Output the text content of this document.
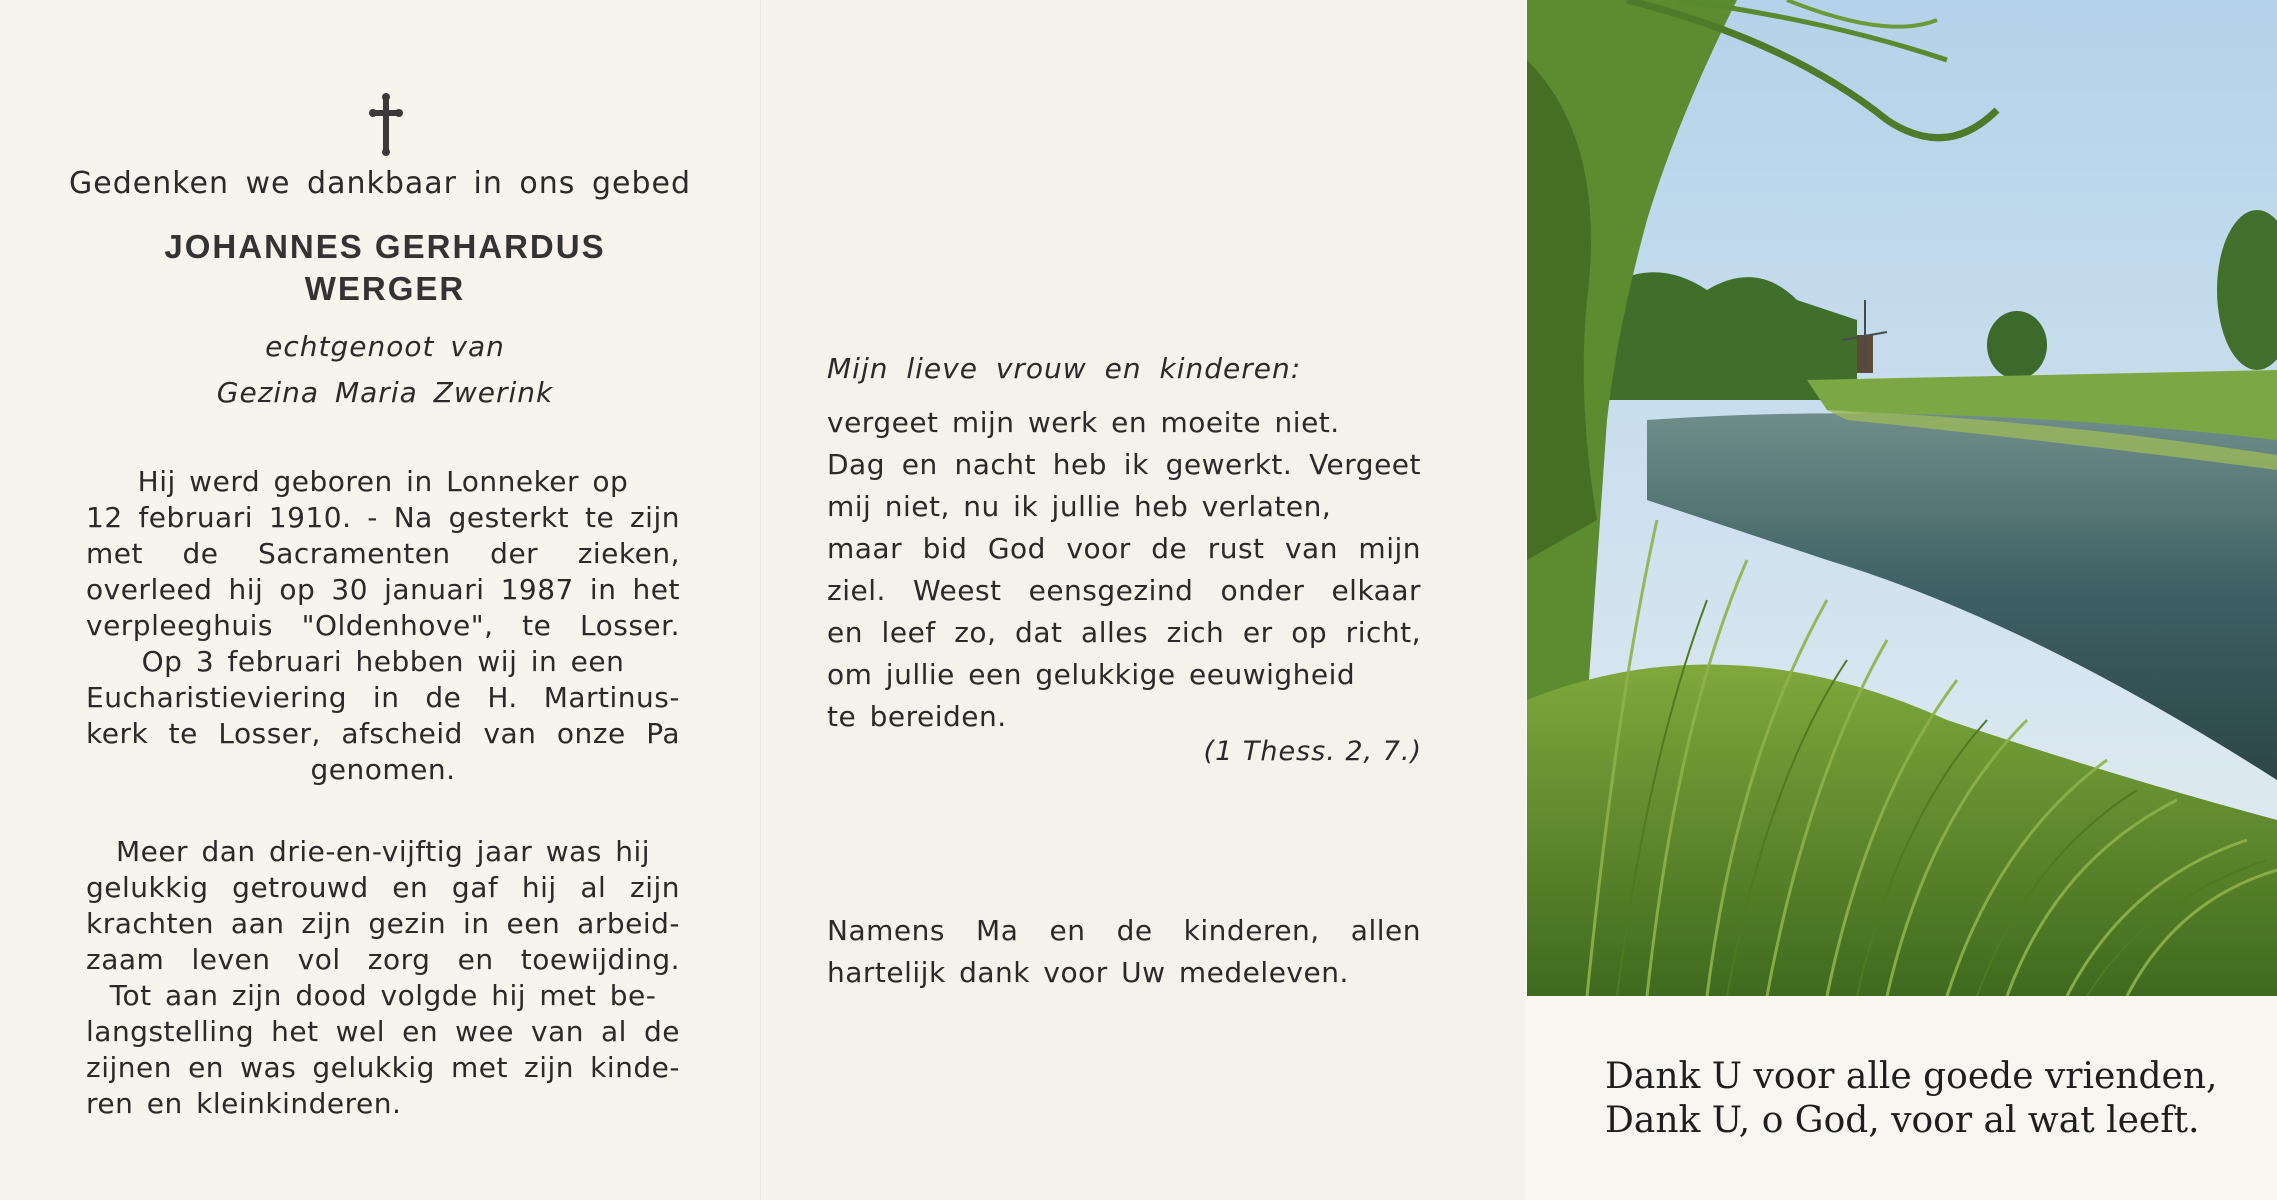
Gedenken we dankbaar in ons gebed
JOHANNES GERHARDUS
WERGER
echtgenoot van
Gezina Maria Zwerink
Hij werd geboren in Lonneker op
12 februari 1910. - Na gesterkt te zijn
met de Sacramenten der zieken,
overleed hij op 30 januari 1987 in het
verpleeghuis "Oldenhove", te Losser.
Op 3 februari hebben wij in een
Eucharistieviering in de H. Martinus-
kerk te Losser, afscheid van onze Pa
genomen.
Meer dan drie-en-vijftig jaar was hij
gelukkig getrouwd en gaf hij al zijn
krachten aan zijn gezin in een arbeid-
zaam leven vol zorg en toewijding.
Tot aan zijn dood volgde hij met be-
langstelling het wel en wee van al de
zijnen en was gelukkig met zijn kinde-
ren en kleinkinderen.
Mijn lieve vrouw en kinderen:
vergeet mijn werk en moeite niet.
Dag en nacht heb ik gewerkt. Vergeet
mij niet, nu ik jullie heb verlaten,
maar bid God voor de rust van mijn
ziel. Weest eensgezind onder elkaar
en leef zo, dat alles zich er op richt,
om jullie een gelukkige eeuwigheid
te bereiden.
(1 Thess. 2, 7.)
Namens Ma en de kinderen, allen
hartelijk dank voor Uw medeleven.
Dank U voor alle goede vrienden,
Dank U, o God, voor al wat leeft.
